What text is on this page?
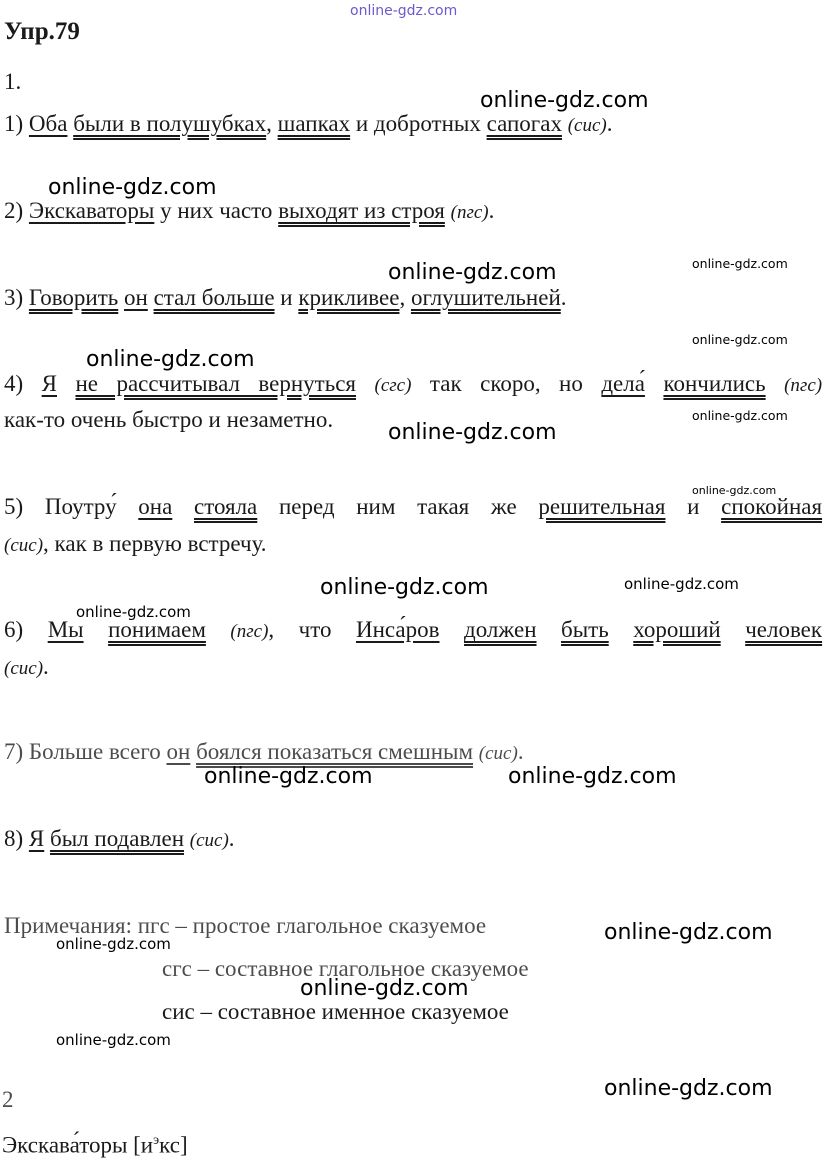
online-gdz.com
Упр.79
1.
1) Оба были в полушубках, шапках и добротных сапогах (сис).
2) Экскаваторы у них часто выходят из строя (пгс).
3) Говорить он стал больше и крикливее, оглушительней.
4) Я не рассчитывал вернуться (сгс) так скоро, но дела́ кончились (пгс)
как-то очень быстро и незаметно.
5) Поутру́ она стояла перед ним такая же решительная и спокойная
(сис), как в первую встречу.
6) Мы понимаем (пгс), что Инса́ров должен быть хороший человек
(сис).
7) Больше всего он боялся показаться смешным (сис).
8) Я был подавлен (сис).
Примечания: пгс – простое глагольное сказуемое
сгс – составное глагольное сказуемое
сис – составное именное сказуемое
2
Экскава́торы $[и^экс]$
online-gdz.com
online-gdz.com
online-gdz.com
online-gdz.com
online-gdz.com
online-gdz.com
online-gdz.com
online-gdz.com
online-gdz.com
online-gdz.com	online-gdz.com
online-gdz.com
online-gdz.com	online-gdz.com
online-gdz.com
online-gdz.com
online-gdz.com
online-gdz.com
online-gdz.com
